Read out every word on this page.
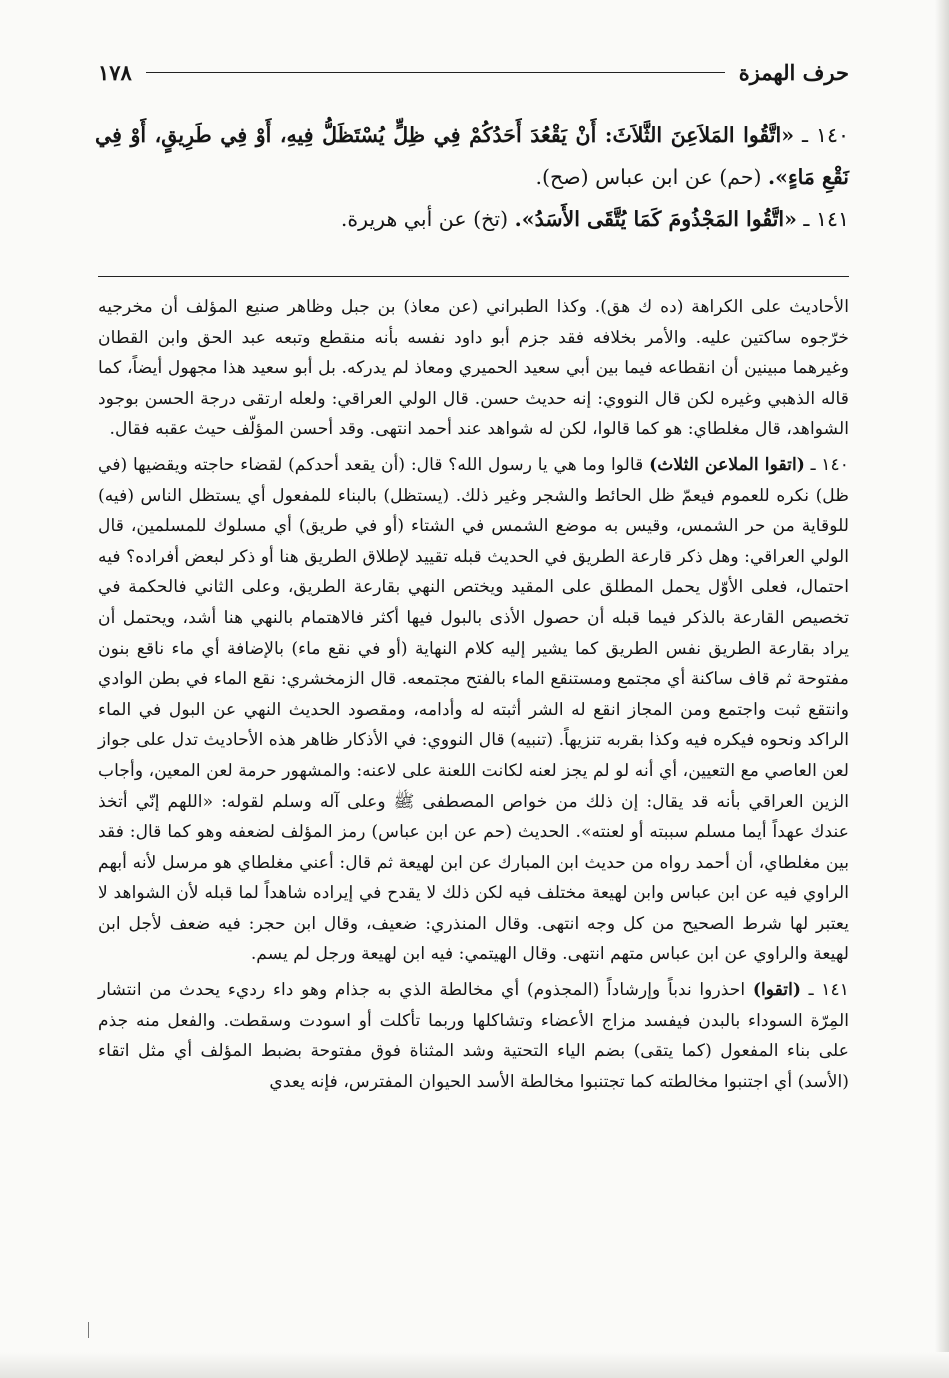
حرف الهمزة
١٧٨

١٤٠ ـ «اتَّقُوا المَلاَعِنَ الثَّلاَثَ: أَنْ يَقْعُدَ أَحَدُكُمْ فِي ظِلٍّ يُسْتَظَلُّ فِيهِ، أَوْ فِي طَرِيقٍ، أَوْ فِي نَقْعِ مَاءٍ». (حم) عن ابن عباس (صح).

١٤١ ـ «اتَّقُوا المَجْذُومَ كَمَا يُتَّقَى الأَسَدُ». (تخ) عن أبي هريرة.

الأحاديث على الكراهة (ده ك هق). وكذا الطبراني (عن معاذ) بن جبل وظاهر صنيع المؤلف أن مخرجيه خرّجوه ساكتين عليه. والأمر بخلافه فقد جزم أبو داود نفسه بأنه منقطع وتبعه عبد الحق وابن القطان وغيرهما مبينين أن انقطاعه فيما بين أبي سعيد الحميري ومعاذ لم يدركه. بل أبو سعيد هذا مجهول أيضاً، كما قاله الذهبي وغيره لكن قال النووي: إنه حديث حسن. قال الولي العراقي: ولعله ارتقى درجة الحسن بوجود الشواهد، قال مغلطاي: هو كما قالوا، لكن له شواهد عند أحمد انتهى. وقد أحسن المؤلّف حيث عقبه فقال.

١٤٠ ـ (اتقوا الملاعن الثلاث) قالوا وما هي يا رسول الله؟ قال: (أن يقعد أحدكم) لقضاء حاجته ويقضيها (في ظل) نكره للعموم فيعمّ ظل الحائط والشجر وغير ذلك. (يستظل) بالبناء للمفعول أي يستظل الناس (فيه) للوقاية من حر الشمس، وقيس به موضع الشمس في الشتاء (أو في طريق) أي مسلوك للمسلمين، قال الولي العراقي: وهل ذكر قارعة الطريق في الحديث قبله تقييد لإطلاق الطريق هنا أو ذكر لبعض أفراده؟ فيه احتمال، فعلى الأوّل يحمل المطلق على المقيد ويختص النهي بقارعة الطريق، وعلى الثاني فالحكمة في تخصيص القارعة بالذكر فيما قبله أن حصول الأذى بالبول فيها أكثر فالاهتمام بالنهي هنا أشد، ويحتمل أن يراد بقارعة الطريق نفس الطريق كما يشير إليه كلام النهاية (أو في نقع ماء) بالإضافة أي ماء ناقع بنون مفتوحة ثم قاف ساكنة أي مجتمع ومستنقع الماء بالفتح مجتمعه. قال الزمخشري: نقع الماء في بطن الوادي وانتقع ثبت واجتمع ومن المجاز انقع له الشر أثبته له وأدامه، ومقصود الحديث النهي عن البول في الماء الراكد ونحوه فيكره فيه وكذا بقربه تنزيهاً. (تنبيه) قال النووي: في الأذكار ظاهر هذه الأحاديث تدل على جواز لعن العاصي مع التعيين، أي أنه لو لم يجز لعنه لكانت اللعنة على لاعنه: والمشهور حرمة لعن المعين، وأجاب الزين العراقي بأنه قد يقال: إن ذلك من خواص المصطفى ﷺ وعلى آله وسلم لقوله: «اللهم إنّي أتخذ عندك عهداً أيما مسلم سببته أو لعنته». الحديث (حم عن ابن عباس) رمز المؤلف لضعفه وهو كما قال: فقد بين مغلطاي، أن أحمد رواه من حديث ابن المبارك عن ابن لهيعة ثم قال: أعني مغلطاي هو مرسل لأنه أبهم الراوي فيه عن ابن عباس وابن لهيعة مختلف فيه لكن ذلك لا يقدح في إيراده شاهداً لما قبله لأن الشواهد لا يعتبر لها شرط الصحيح من كل وجه انتهى. وقال المنذري: ضعيف، وقال ابن حجر: فيه ضعف لأجل ابن لهيعة والراوي عن ابن عباس متهم انتهى. وقال الهيتمي: فيه ابن لهيعة ورجل لم يسم.

١٤١ ـ (اتقوا) احذروا ندباً وإرشاداً (المجذوم) أي مخالطة الذي به جذام وهو داء رديء يحدث من انتشار المِرّة السوداء بالبدن فيفسد مزاج الأعضاء وتشاكلها وربما تأكلت أو اسودت وسقطت. والفعل منه جذم على بناء المفعول (كما يتقى) بضم الياء التحتية وشد المثناة فوق مفتوحة بضبط المؤلف أي مثل اتقاء (الأسد) أي اجتنبوا مخالطته كما تجتنبوا مخالطة الأسد الحيوان المفترس، فإنه يعدي
